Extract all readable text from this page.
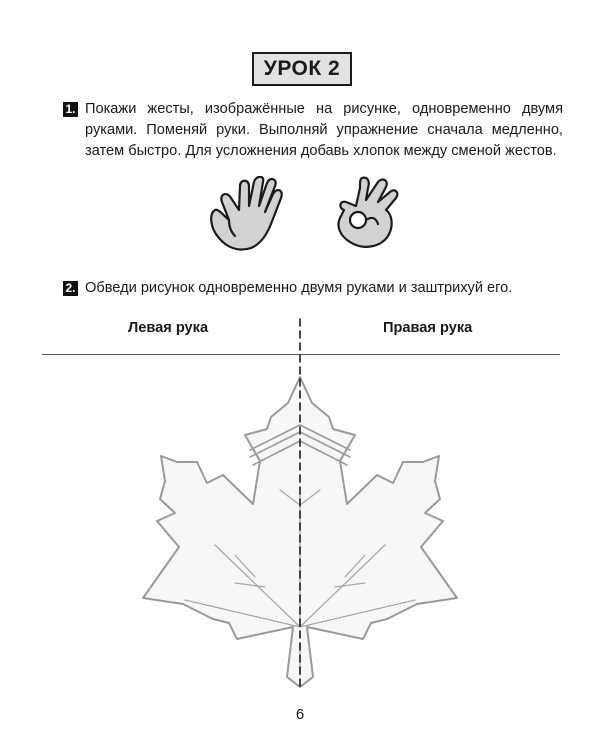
УРОК 2
1. Покажи жесты, изображённые на рисунке, одновременно двумя руками. Поменяй руки. Выполняй упражнение сначала медленно, затем быстро. Для усложнения добавь хлопок между сменой жестов.

2. Обведи рисунок одновременно двумя руками и заштрихуй его.

Левая рука	Правая рука
6
